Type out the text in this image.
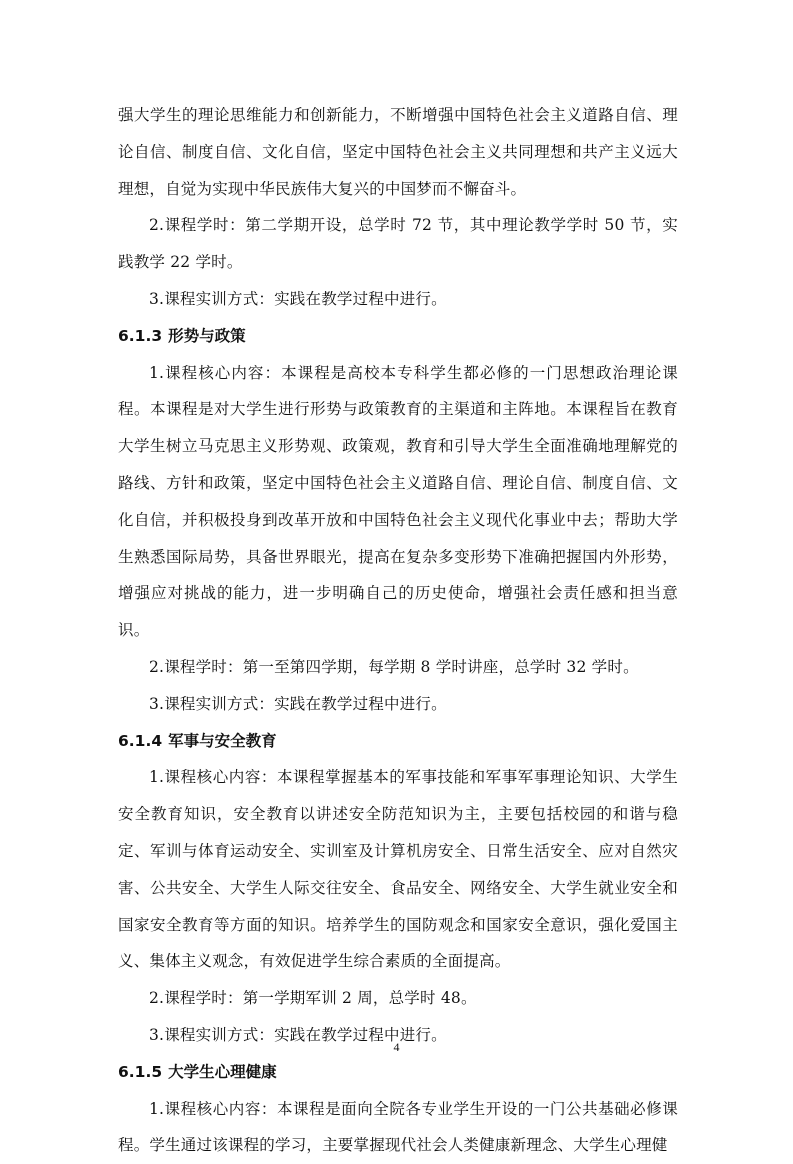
强大学生的理论思维能力和创新能力，不断增强中国特色社会主义道路自信、理论自信、制度自信、文化自信，坚定中国特色社会主义共同理想和共产主义远大理想，自觉为实现中华民族伟大复兴的中国梦而不懈奋斗。

2.课程学时：第二学期开设，总学时 72 节，其中理论教学学时 50 节，实践教学 22 学时。

3.课程实训方式：实践在教学过程中进行。

6.1.3 形势与政策

1.课程核心内容：本课程是高校本专科学生都必修的一门思想政治理论课程。本课程是对大学生进行形势与政策教育的主渠道和主阵地。本课程旨在教育大学生树立马克思主义形势观、政策观，教育和引导大学生全面准确地理解党的路线、方针和政策，坚定中国特色社会主义道路自信、理论自信、制度自信、文化自信，并积极投身到改革开放和中国特色社会主义现代化事业中去；帮助大学生熟悉国际局势，具备世界眼光，提高在复杂多变形势下准确把握国内外形势，增强应对挑战的能力，进一步明确自己的历史使命，增强社会责任感和担当意识。

2.课程学时：第一至第四学期，每学期 8 学时讲座，总学时 32 学时。

3.课程实训方式：实践在教学过程中进行。

6.1.4 军事与安全教育

1.课程核心内容：本课程掌握基本的军事技能和军事军事理论知识、大学生安全教育知识，安全教育以讲述安全防范知识为主，主要包括校园的和谐与稳定、军训与体育运动安全、实训室及计算机房安全、日常生活安全、应对自然灾害、公共安全、大学生人际交往安全、食品安全、网络安全、大学生就业安全和国家安全教育等方面的知识。培养学生的国防观念和国家安全意识，强化爱国主义、集体主义观念，有效促进学生综合素质的全面提高。

2.课程学时：第一学期军训 2 周，总学时 48。

3.课程实训方式：实践在教学过程中进行。

6.1.5 大学生心理健康

1.课程核心内容：本课程是面向全院各专业学生开设的一门公共基础必修课程。学生通过该课程的学习，主要掌握现代社会人类健康新理念、大学生心理健

4
